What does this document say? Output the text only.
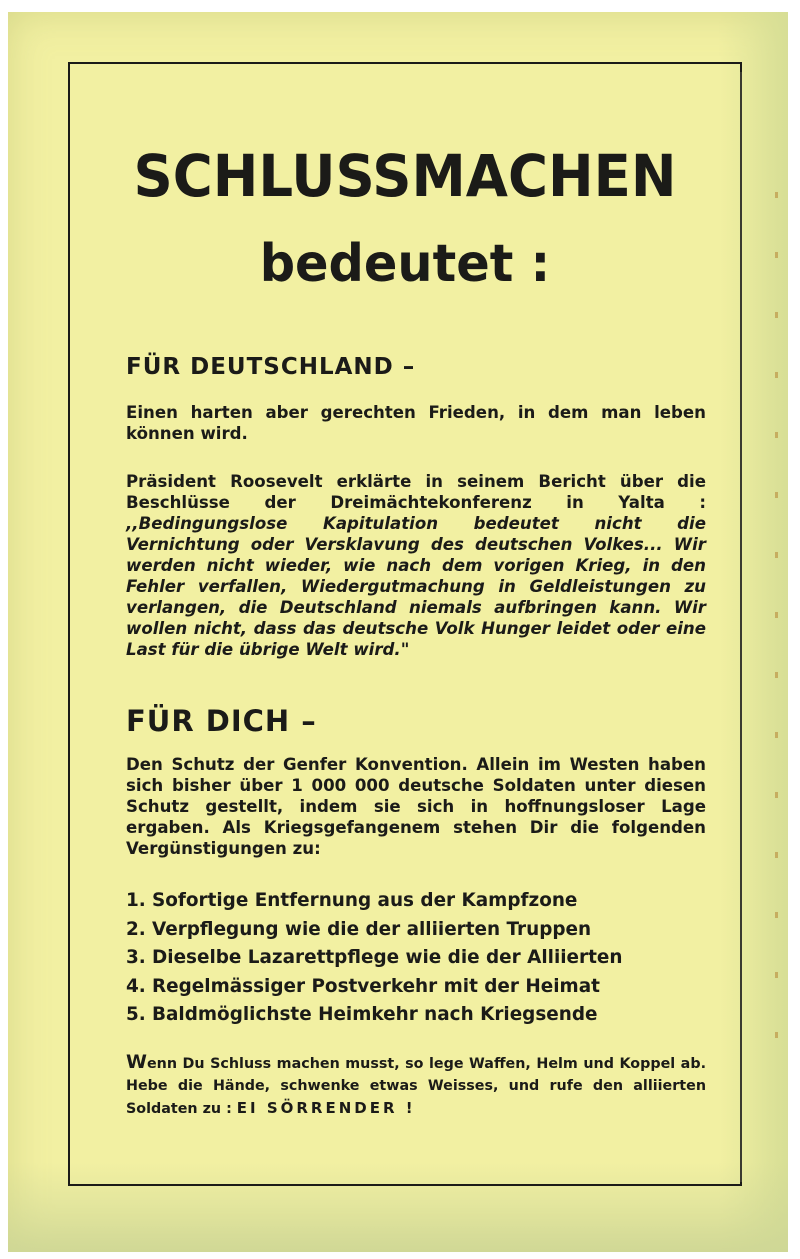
SCHLUSSMACHEN
bedeutet :
FÜR DEUTSCHLAND –

Einen harten aber gerechten Frieden, in dem man leben können wird.

Präsident Roosevelt erklärte in seinem Bericht über die Beschlüsse der Dreimächtekonferenz in Yalta : ,,Bedingungslose Kapitulation bedeutet nicht die Vernichtung oder Versklavung des deutschen Volkes... Wir werden nicht wieder, wie nach dem vorigen Krieg, in den Fehler verfallen, Wiedergutmachung in Geldleistungen zu verlangen, die Deutschland niemals aufbringen kann. Wir wollen nicht, dass das deutsche Volk Hunger leidet oder eine Last für die übrige Welt wird."

FÜR DICH –

Den Schutz der Genfer Konvention. Allein im Westen haben sich bisher über 1 000 000 deutsche Soldaten unter diesen Schutz gestellt, indem sie sich in hoffnungsloser Lage ergaben. Als Kriegsgefangenem stehen Dir die folgenden Vergünstigungen zu:

1. Sofortige Entfernung aus der Kampfzone
2. Verpflegung wie die der alliierten Truppen
3. Dieselbe Lazarettpflege wie die der Alliierten
4. Regelmässiger Postverkehr mit der Heimat
5. Baldmöglichste Heimkehr nach Kriegsende
Wenn Du Schluss machen musst, so lege Waffen, Helm und Koppel ab. Hebe die Hände, schwenke etwas Weisses, und rufe den alliierten Soldaten zu : EI SÖRRENDER !
